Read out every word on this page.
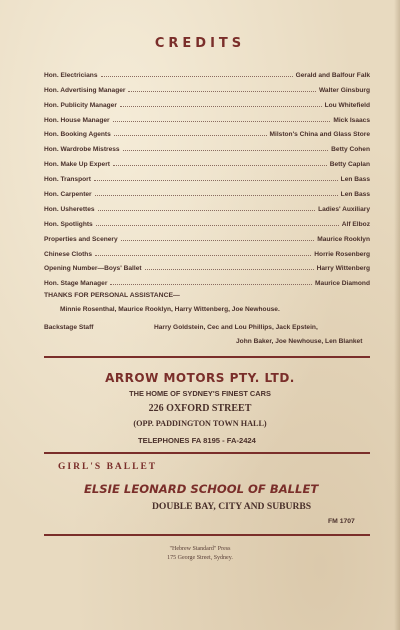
CREDITS
Hon. Electricians	Gerald and Balfour Falk
Hon. Advertising Manager	Walter Ginsburg
Hon. Publicity Manager	Lou Whitefield
Hon. House Manager	Mick Isaacs
Hon. Booking Agents	Milston's China and Glass Store
Hon. Wardrobe Mistress	Betty Cohen
Hon. Make Up Expert	Betty Caplan
Hon. Transport	Len Bass
Hon. Carpenter	Len Bass
Hon. Usherettes	Ladies' Auxiliary
Hon. Spotlights	Alf Elboz
Properties and Scenery	Maurice Rooklyn
Chinese Cloths	Horrie Rosenberg
Opening Number—Boys' Ballet	Harry Wittenberg
Hon. Stage Manager	Maurice Diamond
THANKS FOR PERSONAL ASSISTANCE—
Minnie Rosenthal, Maurice Rooklyn, Harry Wittenberg, Joe Newhouse.
Backstage Staff	Harry Goldstein, Cec and Lou Phillips, Jack Epstein,
John Baker, Joe Newhouse, Len Blanket
ARROW MOTORS PTY. LTD.
THE HOME OF SYDNEY'S FINEST CARS
226 OXFORD STREET
(OPP. PADDINGTON TOWN HALL)
TELEPHONES FA 8195 - FA-2424
GIRL'S BALLET
ELSIE LEONARD SCHOOL OF BALLET
DOUBLE BAY, CITY AND SUBURBS
FM 1707
"Hebrew Standard" Press
175 George Street, Sydney.
